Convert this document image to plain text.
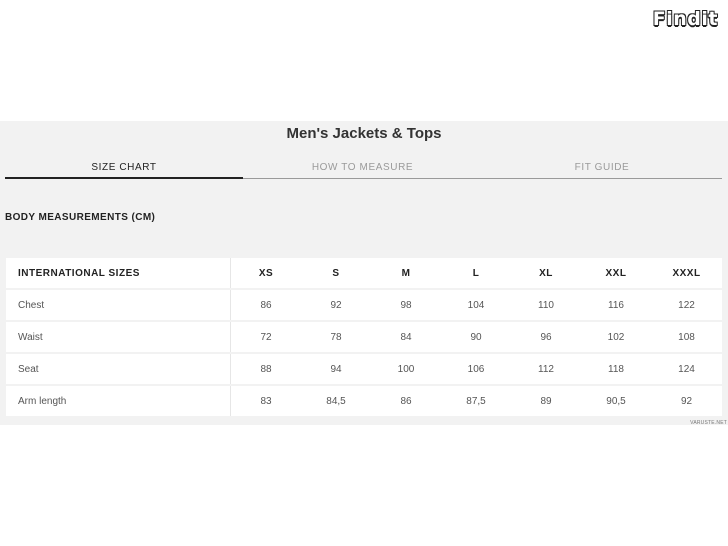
Findit
Men's Jackets & Tops
SIZE CHART	HOW TO MEASURE	FIT GUIDE
BODY MEASUREMENTS (CM)
INTERNATIONAL SIZES	XS	S	M	L	XL	XXL	XXXL
Chest	86	92	98	104	110	116	122
Waist	72	78	84	90	96	102	108
Seat	88	94	100	106	112	118	124
Arm length	83	84,5	86	87,5	89	90,5	92
VARUSTE.NET
